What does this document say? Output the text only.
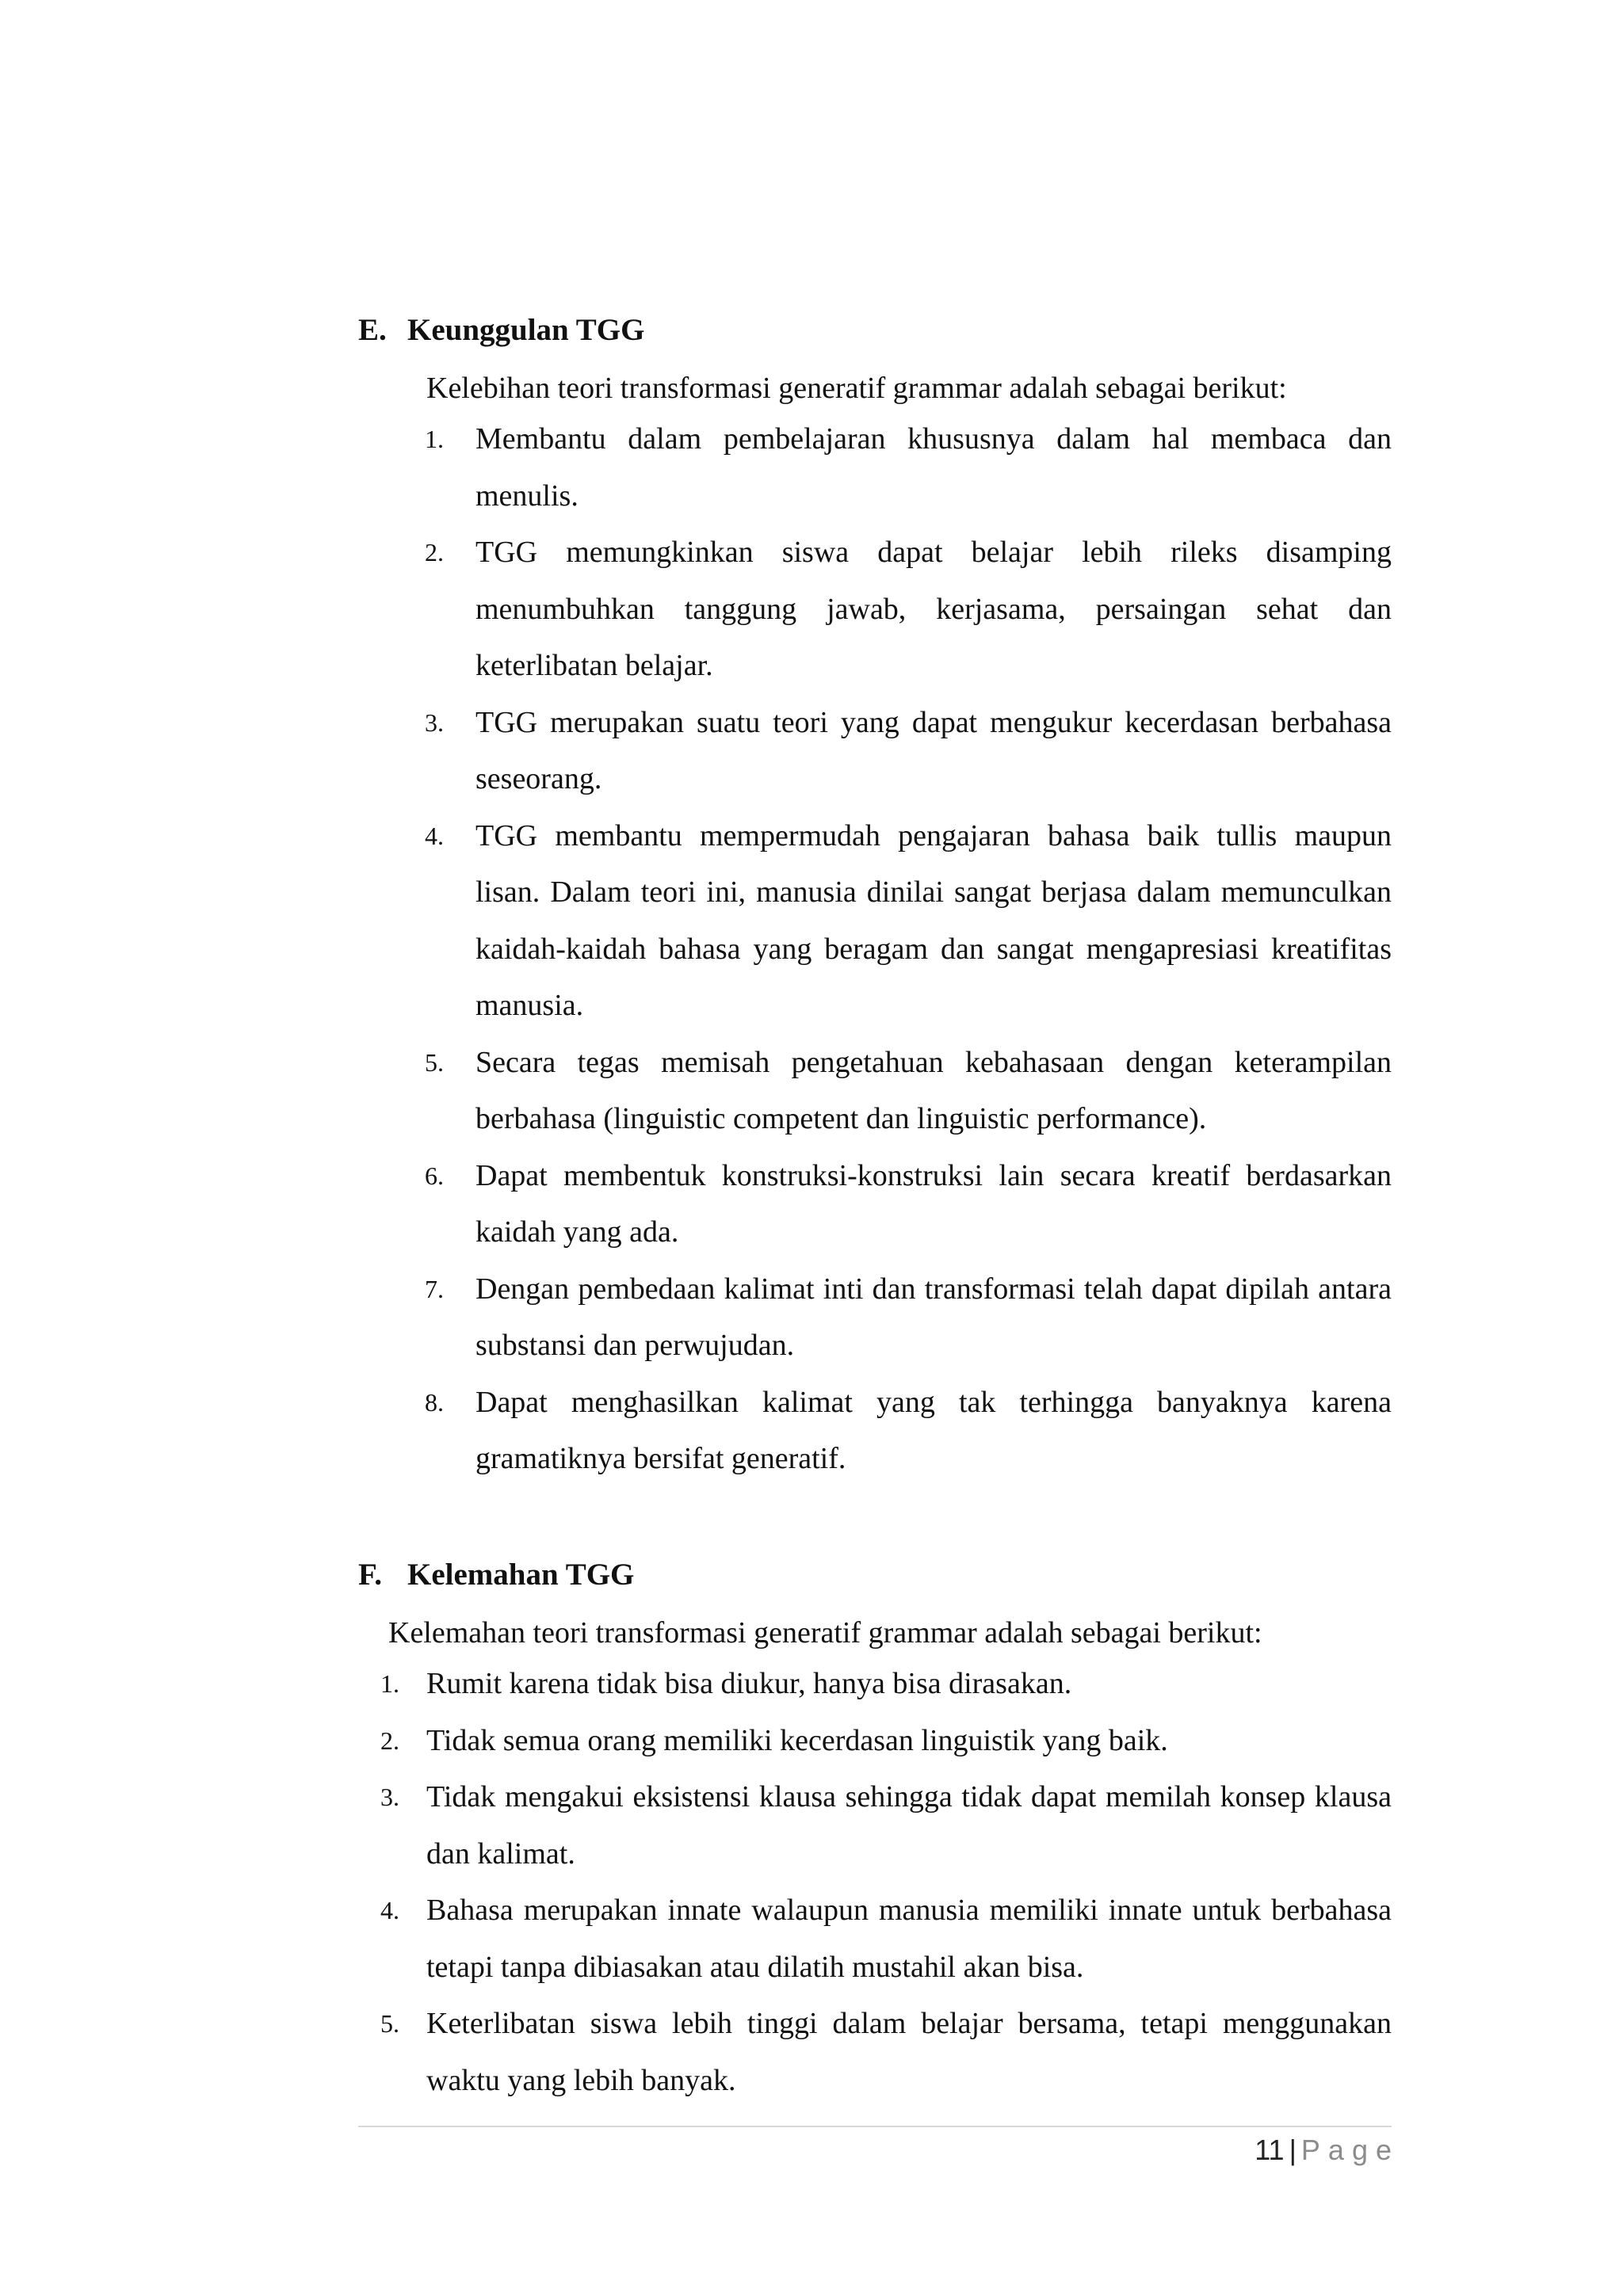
E. Keunggulan TGG
Kelebihan teori transformasi generatif grammar adalah sebagai berikut:
1. Membantu dalam pembelajaran khususnya dalam hal membaca dan menulis.
2. TGG memungkinkan siswa dapat belajar lebih rileks disamping menumbuhkan tanggung jawab, kerjasama, persaingan sehat dan keterlibatan belajar.
3. TGG merupakan suatu teori yang dapat mengukur kecerdasan berbahasa seseorang.
4. TGG membantu mempermudah pengajaran bahasa baik tullis maupun lisan. Dalam teori ini, manusia dinilai sangat berjasa dalam memunculkan kaidah-kaidah bahasa yang beragam dan sangat mengapresiasi kreatifitas manusia.
5. Secara tegas memisah pengetahuan kebahasaan dengan keterampilan berbahasa (linguistic competent dan linguistic performance).
6. Dapat membentuk konstruksi-konstruksi lain secara kreatif berdasarkan kaidah yang ada.
7. Dengan pembedaan kalimat inti dan transformasi telah dapat dipilah antara substansi dan perwujudan.
8. Dapat menghasilkan kalimat yang tak terhingga banyaknya karena gramatiknya bersifat generatif.
F. Kelemahan TGG
Kelemahan teori transformasi generatif grammar adalah sebagai berikut:
1. Rumit karena tidak bisa diukur, hanya bisa dirasakan.
2. Tidak semua orang memiliki kecerdasan linguistik yang baik.
3. Tidak mengakui eksistensi klausa sehingga tidak dapat memilah konsep klausa dan kalimat.
4. Bahasa merupakan innate walaupun manusia memiliki innate untuk berbahasa tetapi tanpa dibiasakan atau dilatih mustahil akan bisa.
5. Keterlibatan siswa lebih tinggi dalam belajar bersama, tetapi menggunakan waktu yang lebih banyak.
11 | Page
